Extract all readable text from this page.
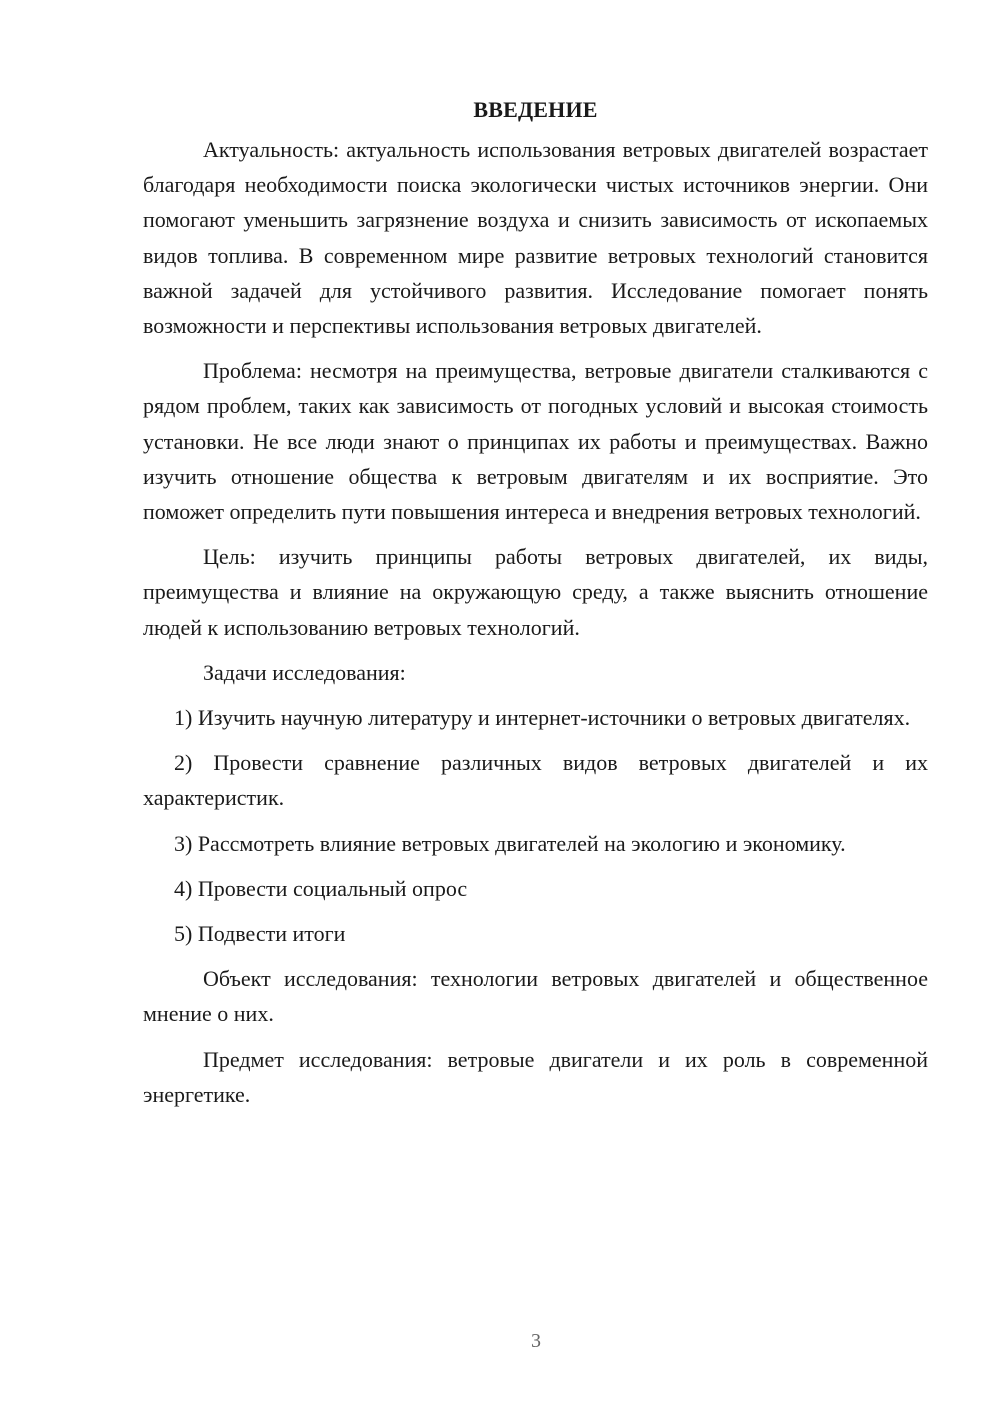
ВВЕДЕНИЕ

Актуальность: актуальность использования ветровых двигателей возрастает благодаря необходимости поиска экологически чистых источников энергии. Они помогают уменьшить загрязнение воздуха и снизить зависимость от ископаемых видов топлива. В современном мире развитие ветровых технологий становится важной задачей для устойчивого развития. Исследование помогает понять возможности и перспективы использования ветровых двигателей.

Проблема: несмотря на преимущества, ветровые двигатели сталкиваются с рядом проблем, таких как зависимость от погодных условий и высокая стоимость установки. Не все люди знают о принципах их работы и преимуществах. Важно изучить отношение общества к ветровым двигателям и их восприятие. Это поможет определить пути повышения интереса и внедрения ветровых технологий.

Цель: изучить принципы работы ветровых двигателей, их виды, преимущества и влияние на окружающую среду, а также выяснить отношение людей к использованию ветровых технологий.

Задачи исследования:

1) Изучить научную литературу и интернет-источники о ветровых двигателях.

2) Провести сравнение различных видов ветровых двигателей и их характеристик.

3) Рассмотреть влияние ветровых двигателей на экологию и экономику.

4) Провести социальный опрос

5) Подвести итоги

Объект исследования: технологии ветровых двигателей и общественное мнение о них.

Предмет исследования: ветровые двигатели и их роль в современной энергетике.

3
